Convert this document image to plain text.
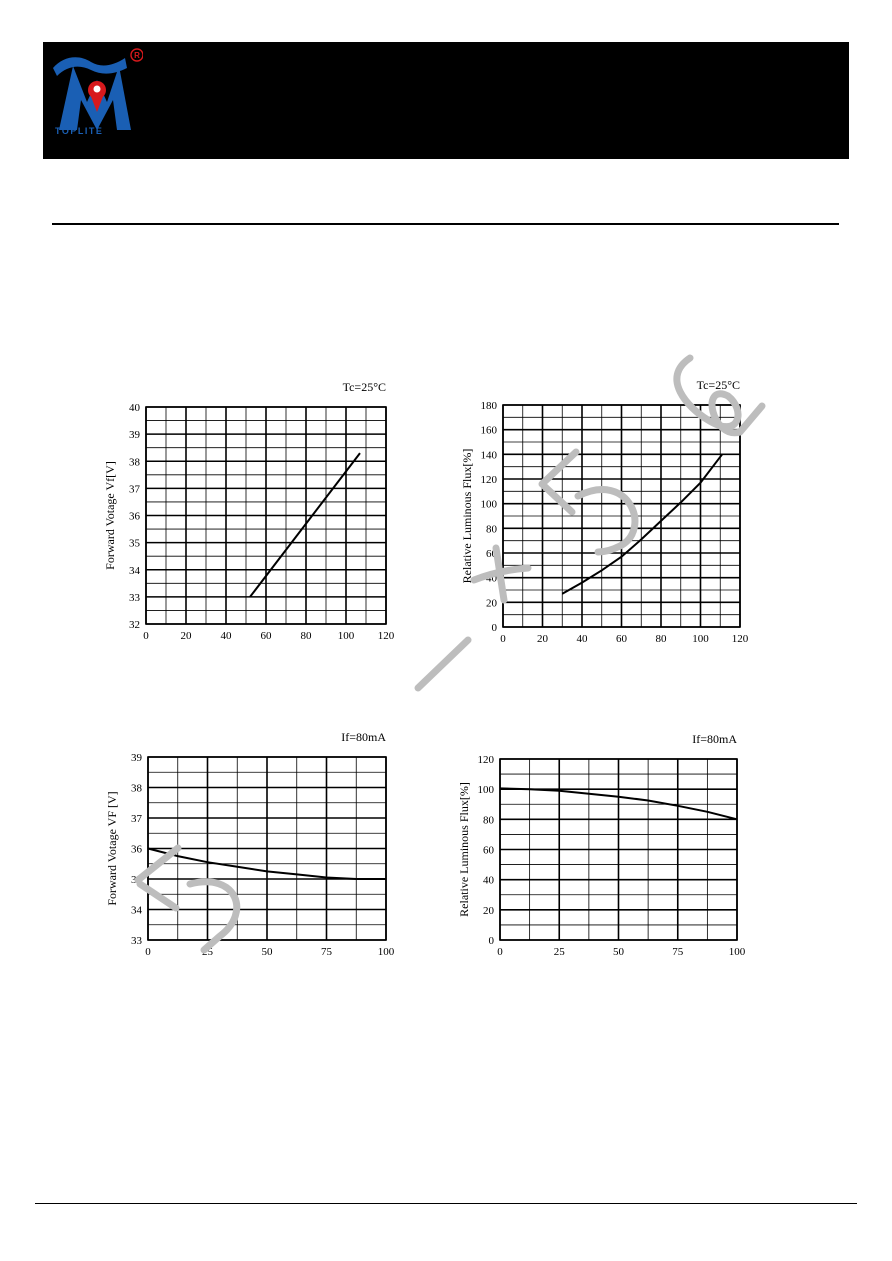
R
TOPLITE
0	20	40	60	80 100 120
32
33
34
35
36
37
38
39
40
Tc=25°C
Forward Votage Vf[V]
0	20	40	60	80 100 120
0
20
40
60
80
100
120
140
160
180
Tc=25°C
Relative Luminous Flux[%]
0	25	50	75	100
33
34
35
36
37
38
39
If=80mA
Forward Votage VF [V]
0	25	50	75	100
0
20
40
60
80
100
120
If=80mA
Relative Luminous Flux[%]
